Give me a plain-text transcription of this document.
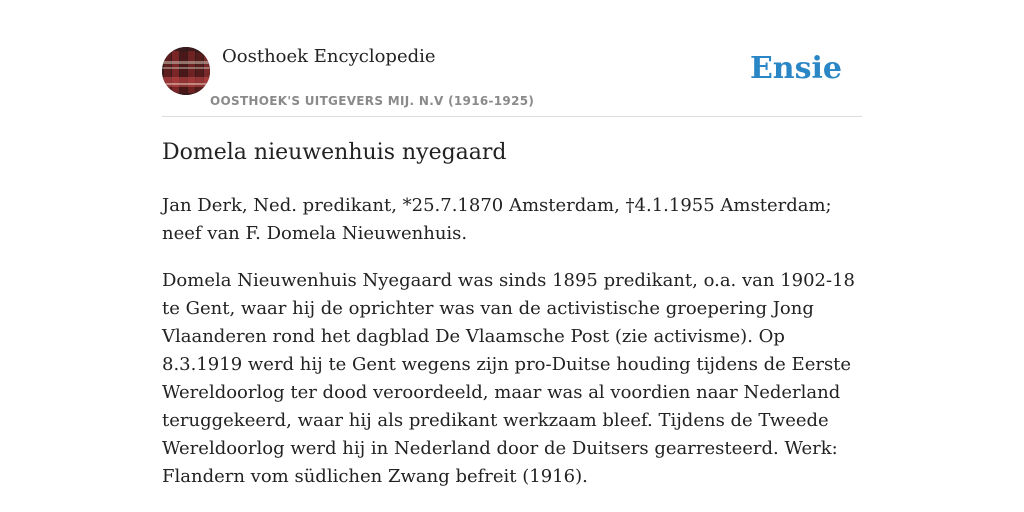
Oosthoek Encyclopedie
OOSTHOEK'S UITGEVERS MIJ. N.V (1916-1925)
Ensie
Domela nieuwenhuis nyegaard

Jan Derk, Ned. predikant, *25.7.1870 Amsterdam, †4.1.1955 Amsterdam; neef van F. Domela Nieuwenhuis.

Domela Nieuwenhuis Nyegaard was sinds 1895 predikant, o.a. van 1902-18 te Gent, waar hij de oprichter was van de activistische groepering Jong Vlaanderen rond het dagblad De Vlaamsche Post (zie activisme). Op 8.3.1919 werd hij te Gent wegens zijn pro-Duitse houding tijdens de Eerste Wereldoorlog ter dood veroordeeld, maar was al voordien naar Nederland teruggekeerd, waar hij als predikant werkzaam bleef. Tijdens de Tweede Wereldoorlog werd hij in Nederland door de Duitsers gearresteerd. Werk: Flandern vom südlichen Zwang befreit (1916).
